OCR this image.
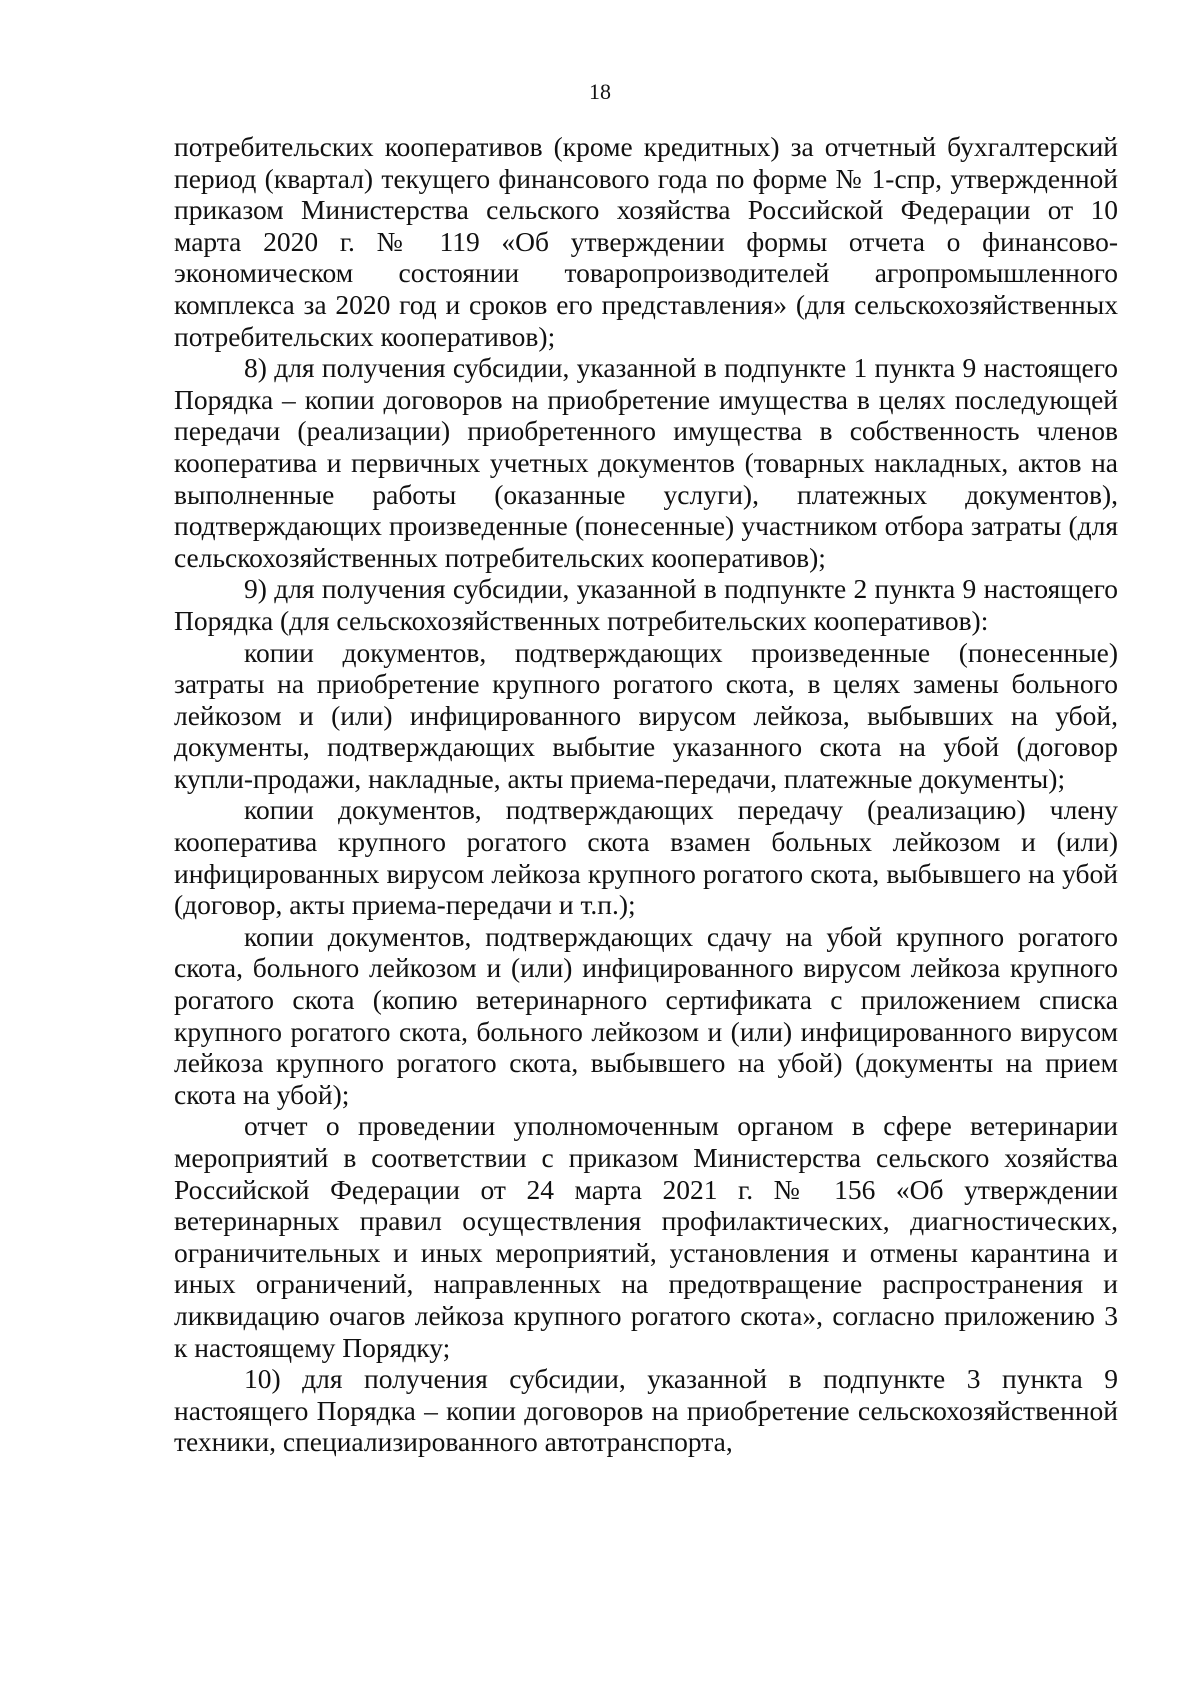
18

потребительских кооперативов (кроме кредитных) за отчетный бухгалтерский период (квартал) текущего финансового года по форме № 1-спр, утвержденной приказом Министерства сельского хозяйства Российской Федерации от 10 марта 2020 г. № 119 «Об утверждении формы отчета о финансово-экономическом состоянии товаропроизводителей агропромышленного комплекса за 2020 год и сроков его представления» (для сельскохозяйственных потребительских кооперативов);

8) для получения субсидии, указанной в подпункте 1 пункта 9 настоящего Порядка – копии договоров на приобретение имущества в целях последующей передачи (реализации) приобретенного имущества в собственность членов кооператива и первичных учетных документов (товарных накладных, актов на выполненные работы (оказанные услуги), платежных документов), подтверждающих произведенные (понесенные) участником отбора затраты (для сельскохозяйственных потребительских кооперативов);

9) для получения субсидии, указанной в подпункте 2 пункта 9 настоящего Порядка (для сельскохозяйственных потребительских кооперативов):

копии документов, подтверждающих произведенные (понесенные) затраты на приобретение крупного рогатого скота, в целях замены больного лейкозом и (или) инфицированного вирусом лейкоза, выбывших на убой, документы, подтверждающих выбытие указанного скота на убой (договор купли-продажи, накладные, акты приема-передачи, платежные документы);

копии документов, подтверждающих передачу (реализацию) члену кооператива крупного рогатого скота взамен больных лейкозом и (или) инфицированных вирусом лейкоза крупного рогатого скота, выбывшего на убой (договор, акты приема-передачи и т.п.);

копии документов, подтверждающих сдачу на убой крупного рогатого скота, больного лейкозом и (или) инфицированного вирусом лейкоза крупного рогатого скота (копию ветеринарного сертификата с приложением списка крупного рогатого скота, больного лейкозом и (или) инфицированного вирусом лейкоза крупного рогатого скота, выбывшего на убой) (документы на прием скота на убой);

отчет о проведении уполномоченным органом в сфере ветеринарии мероприятий в соответствии с приказом Министерства сельского хозяйства Российской Федерации от 24 марта 2021 г. № 156 «Об утверждении ветеринарных правил осуществления профилактических, диагностических, ограничительных и иных мероприятий, установления и отмены карантина и иных ограничений, направленных на предотвращение распространения и ликвидацию очагов лейкоза крупного рогатого скота», согласно приложению 3 к настоящему Порядку;

10) для получения субсидии, указанной в подпункте 3 пункта 9 настоящего Порядка – копии договоров на приобретение сельскохозяйственной техники, специализированного автотранспорта,
